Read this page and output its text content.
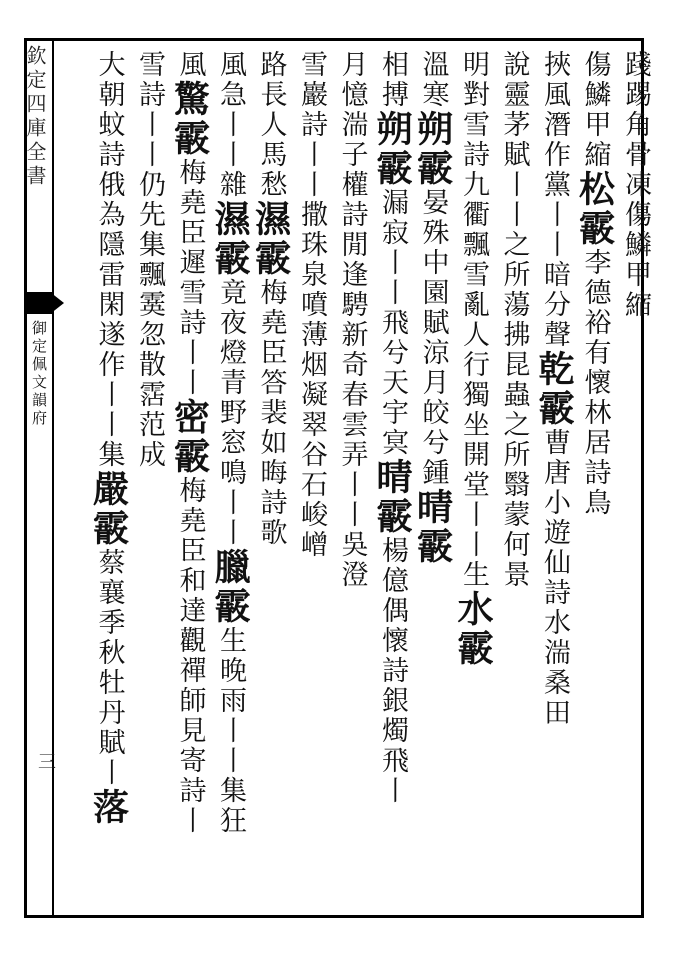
欽定四庫全書
御定佩文韻府
三
踐踢角骨凍傷鱗甲縮
傷鱗甲縮松霰李德裕有懷林居詩鳥
挾風潛作黨丨丨暗分聲乾霰曹唐小遊仙詩水湍桑田
說靈茅賦丨丨之所蕩拂昆蟲之所翳蒙何景
明對雪詩九衢飄雪亂人行獨坐開堂丨丨生水霰
溫寒朔霰晏殊中園賦涼月皎兮鍾晴霰
相搏朔霰漏寂丨丨飛兮天宇㝠晴霰楊億偶懷詩銀燭飛丨
月憶湍子權詩閒逢騁新奇春雲弄丨丨吳澄
雪巖詩丨丨撒珠泉噴薄烟凝翠谷石峻嶒
路長人馬愁濕霰梅堯臣答裴如晦詩歌
風急丨丨雜濕霰竟夜燈青野窓鳴丨丨臘霰生晚雨丨丨集狂
風驚霰梅堯臣遲雪詩丨丨密霰梅堯臣和達觀禪師見寄詩丨
雪詩丨丨仍先集飄霙忽散霑范成
大朝蚊詩俄為隱雷閑遂作丨丨集嚴霰蔡襄季秋牡丹賦丨落
